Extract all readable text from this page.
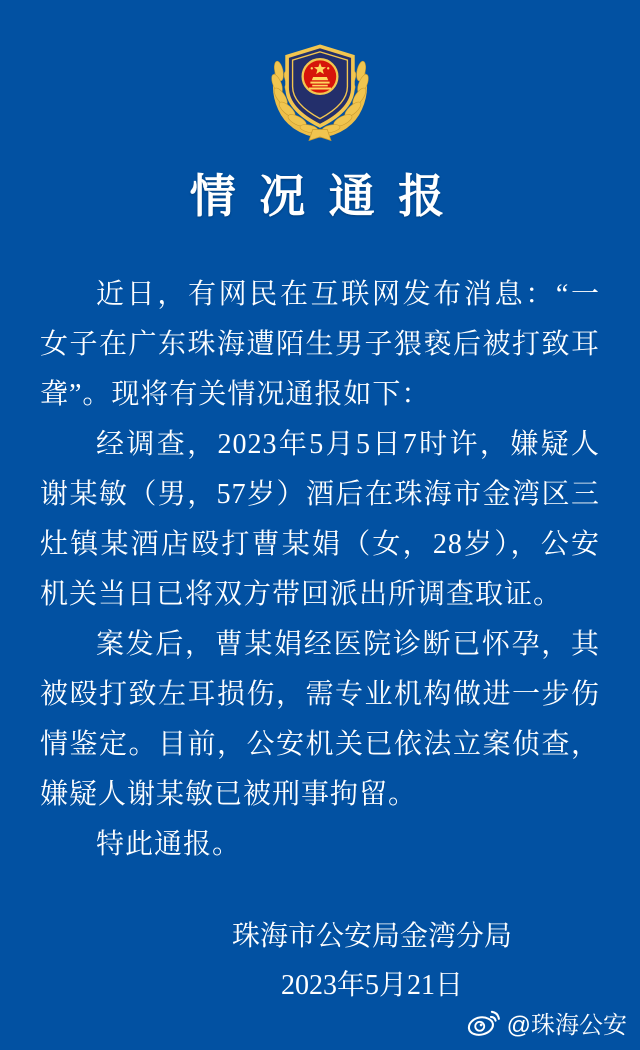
情 况 通 报

近日，有网民在互联网发布消息：“一女子在广东珠海遭陌生男子猥亵后被打致耳聋”。现将有关情况通报如下：

经调查，2023年5月5日7时许，嫌疑人谢某敏（男，57岁）酒后在珠海市金湾区三灶镇某酒店殴打曹某娟（女，28岁），公安机关当日已将双方带回派出所调查取证。

案发后，曹某娟经医院诊断已怀孕，其被殴打致左耳损伤，需专业机构做进一步伤情鉴定。目前，公安机关已依法立案侦查，嫌疑人谢某敏已被刑事拘留。

特此通报。

珠海市公安局金湾分局
2023年5月21日
@珠海公安
